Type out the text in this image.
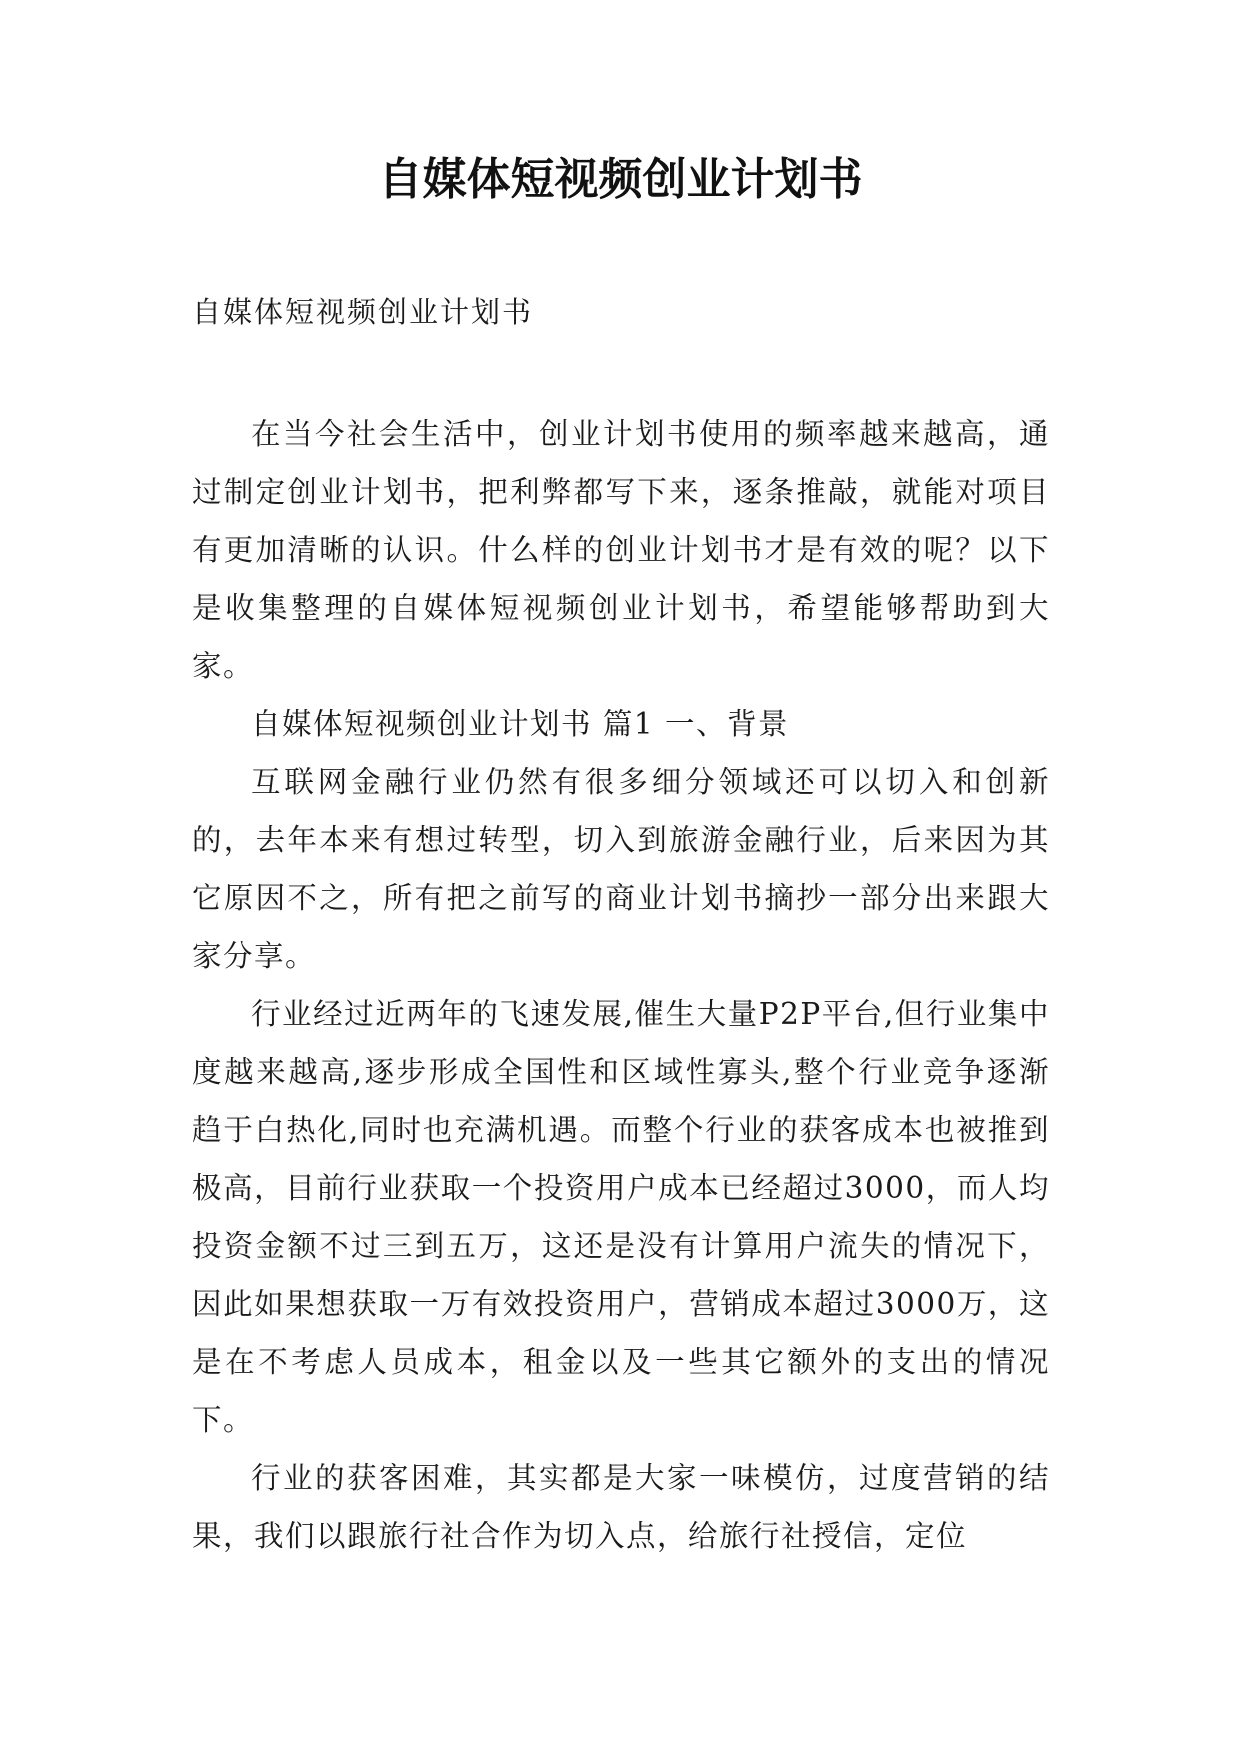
自媒体短视频创业计划书

自媒体短视频创业计划书

在当今社会生活中，创业计划书使用的频率越来越高，通过制定创业计划书，把利弊都写下来，逐条推敲，就能对项目有更加清晰的认识。什么样的创业计划书才是有效的呢？以下是收集整理的自媒体短视频创业计划书，希望能够帮助到大家。

自媒体短视频创业计划书 篇1 一、背景

互联网金融行业仍然有很多细分领域还可以切入和创新的，去年本来有想过转型，切入到旅游金融行业，后来因为其它原因不之，所有把之前写的商业计划书摘抄一部分出来跟大家分享。

行业经过近两年的飞速发展,催生大量P2P平台,但行业集中度越来越高,逐步形成全国性和区域性寡头,整个行业竞争逐渐趋于白热化,同时也充满机遇。而整个行业的获客成本也被推到极高，目前行业获取一个投资用户成本已经超过3000，而人均投资金额不过三到五万，这还是没有计算用户流失的情况下，因此如果想获取一万有效投资用户，营销成本超过3000万，这是在不考虑人员成本，租金以及一些其它额外的支出的情况下。

行业的获客困难，其实都是大家一味模仿，过度营销的结果，我们以跟旅行社合作为切入点，给旅行社授信，定位
